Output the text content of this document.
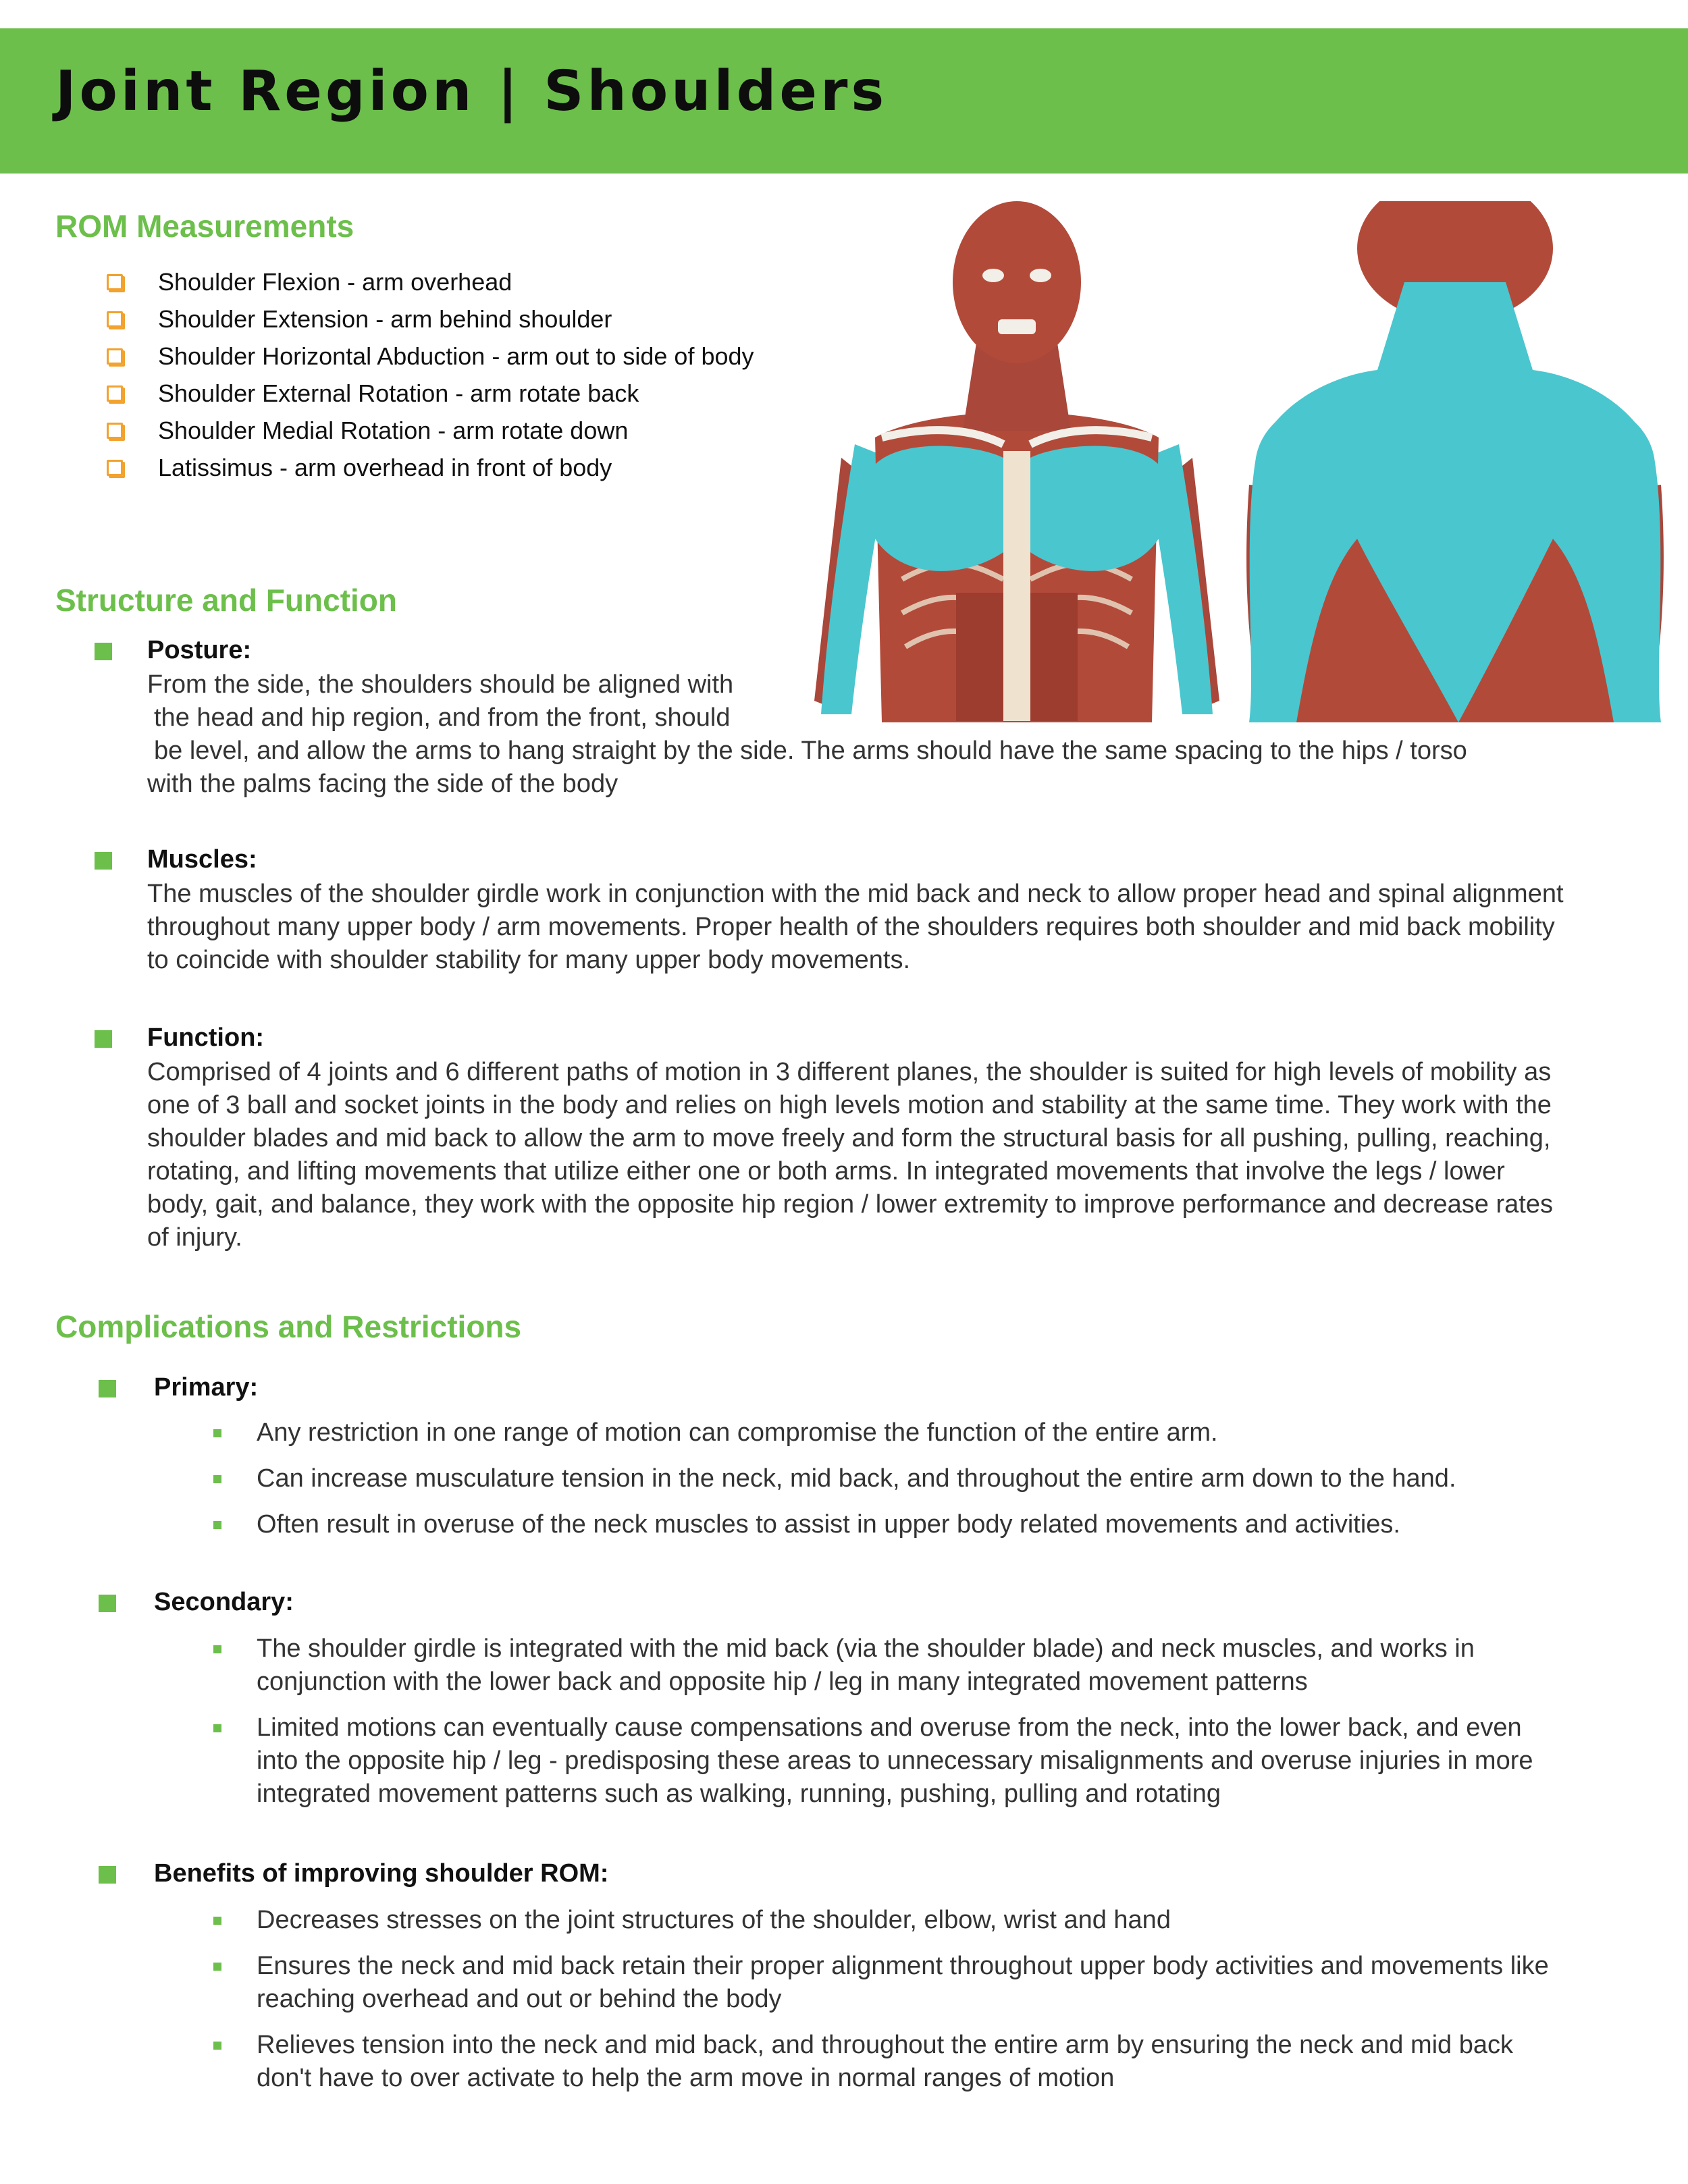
Joint Region | Shoulders
ROM Measurements
Shoulder Flexion - arm overhead
Shoulder Extension - arm behind shoulder
Shoulder Horizontal Abduction - arm out to side of body
Shoulder External Rotation - arm rotate back
Shoulder Medial Rotation - arm rotate down
Latissimus - arm overhead in front of body
Structure and Function
Posture:
From the side, the shoulders should be aligned with
the head and hip region, and from the front, should
be level, and allow the arms to hang straight by the side. The arms should have the same spacing to the hips / torso
with the palms facing the side of the body
Muscles:

The muscles of the shoulder girdle work in conjunction with the mid back and neck to allow proper head and spinal alignment throughout many upper body / arm movements. Proper health of the shoulders requires both shoulder and mid back mobility to coincide with shoulder stability for many upper body movements.

Function:

Comprised of 4 joints and 6 different paths of motion in 3 different planes, the shoulder is suited for high levels of mobility as one of 3 ball and socket joints in the body and relies on high levels motion and stability at the same time. They work with the shoulder blades and mid back to allow the arm to move freely and form the structural basis for all pushing, pulling, reaching, rotating, and lifting movements that utilize either one or both arms. In integrated movements that involve the legs / lower body, gait, and balance, they work with the opposite hip region / lower extremity to improve performance and decrease rates of injury.

Complications and Restrictions
Primary:
Any restriction in one range of motion can compromise the function of the entire arm.
Can increase musculature tension in the neck, mid back, and throughout the entire arm down to the hand.
Often result in overuse of the neck muscles to assist in upper body related movements and activities.
Secondary:
The shoulder girdle is integrated with the mid back (via the shoulder blade) and neck muscles, and works in conjunction with the lower back and opposite hip / leg in many integrated movement patterns
Limited motions can eventually cause compensations and overuse from the neck, into the lower back, and even into the opposite hip / leg - predisposing these areas to unnecessary misalignments and overuse injuries in more integrated movement patterns such as walking, running, pushing, pulling and rotating
Benefits of improving shoulder ROM:
Decreases stresses on the joint structures of the shoulder, elbow, wrist and hand
Ensures the neck and mid back retain their proper alignment throughout upper body activities and movements like reaching overhead and out or behind the body
Relieves tension into the neck and mid back, and throughout the entire arm by ensuring the neck and mid back don't have to over activate to help the arm move in normal ranges of motion
